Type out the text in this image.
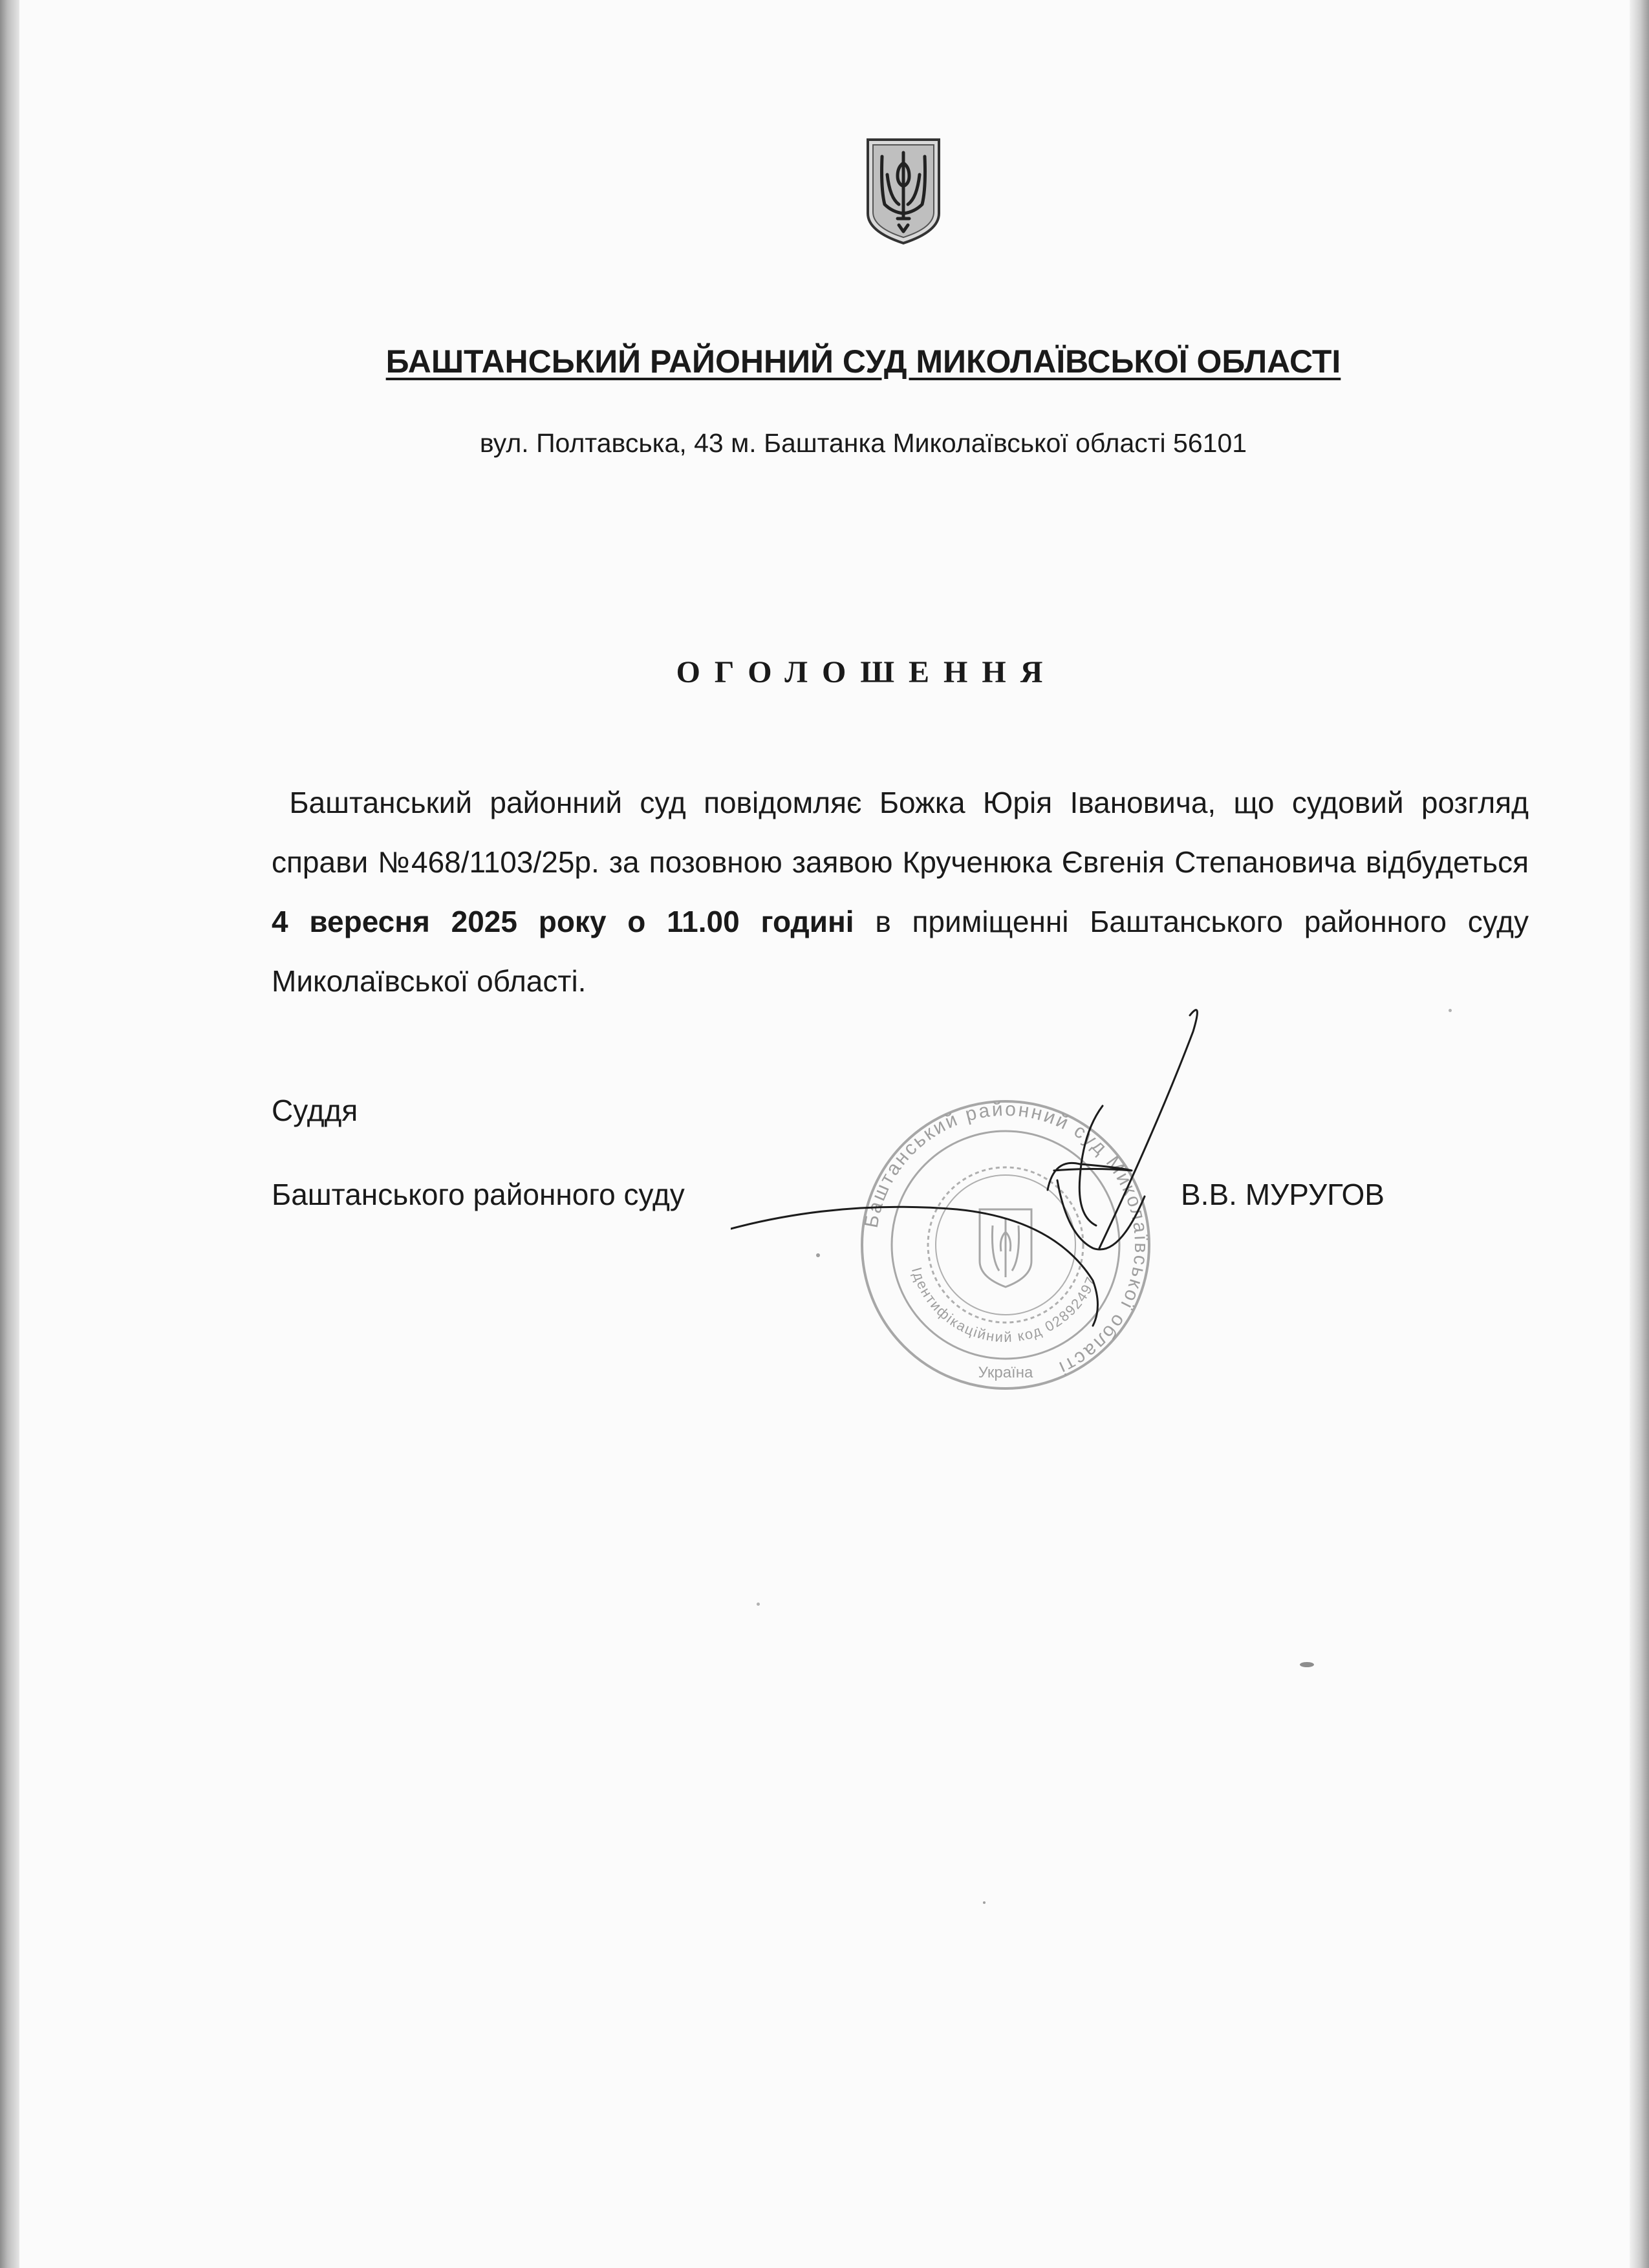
БАШТАНСЬКИЙ РАЙОННИЙ СУД МИКОЛАЇВСЬКОЇ ОБЛАСТІ
вул. Полтавська, 43 м. Баштанка Миколаївської області 56101
ОГОЛОШЕННЯ
Баштанський районний суд повідомляє Божка Юрія Івановича, що судовий розгляд справи №468/1103/25р. за позовною заявою Крученюка Євгенія Степановича відбудеться 4 вересня 2025 року о 11.00 годині в приміщенні Баштанського районного суду Миколаївської області.
Суддя
Баштанського районного суду	В.В. МУРУГОВ
Баштанський районний суд Миколаївської області
Ідентифікаційний код 02892497
Україна
